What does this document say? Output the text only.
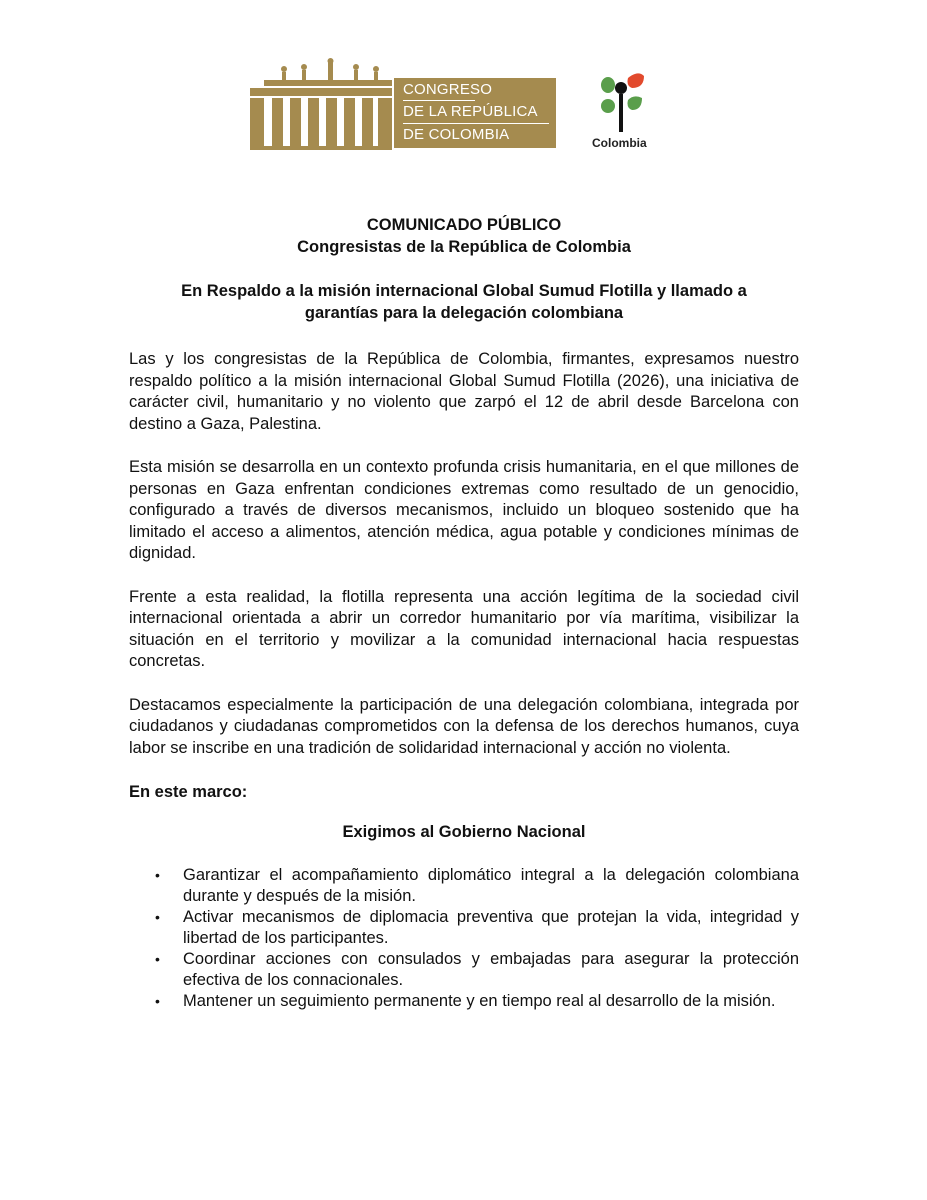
CONGRESO
DE LA REPÚBLICA
DE COLOMBIA	Colombia

COMUNICADO PÚBLICO

Congresistas de la República de Colombia

En Respaldo a la misión internacional Global Sumud Flotilla y llamado a

garantías para la delegación colombiana

Las y los congresistas de la República de Colombia, firmantes, expresamos nuestro respaldo político a la misión internacional Global Sumud Flotilla (2026), una iniciativa de carácter civil, humanitario y no violento que zarpó el 12 de abril desde Barcelona con destino a Gaza, Palestina.

Esta misión se desarrolla en un contexto profunda crisis humanitaria, en el que millones de personas en Gaza enfrentan condiciones extremas como resultado de un genocidio, configurado a través de diversos mecanismos, incluido un bloqueo sostenido que ha limitado el acceso a alimentos, atención médica, agua potable y condiciones mínimas de dignidad.

Frente a esta realidad, la flotilla representa una acción legítima de la sociedad civil internacional orientada a abrir un corredor humanitario por vía marítima, visibilizar la situación en el territorio y movilizar a la comunidad internacional hacia respuestas concretas.

Destacamos especialmente la participación de una delegación colombiana, integrada por ciudadanos y ciudadanas comprometidos con la defensa de los derechos humanos, cuya labor se inscribe en una tradición de solidaridad internacional y acción no violenta.

En este marco:
Exigimos al Gobierno Nacional
• Garantizar el acompañamiento diplomático integral a la delegación colombiana durante y después de la misión.
• Activar mecanismos de diplomacia preventiva que protejan la vida, integridad y libertad de los participantes.
• Coordinar acciones con consulados y embajadas para asegurar la protección efectiva de los connacionales.
• Mantener un seguimiento permanente y en tiempo real al desarrollo de la misión.
